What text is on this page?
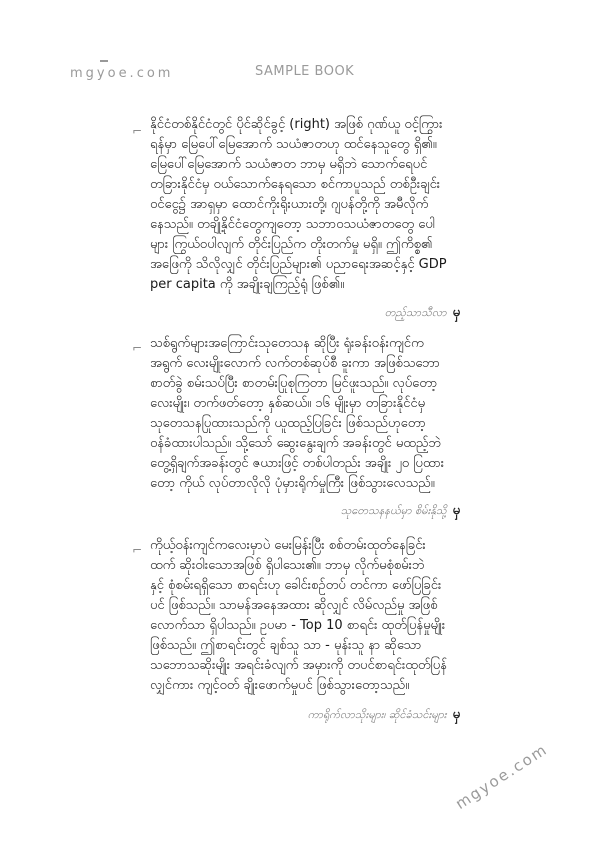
mgyoe.com	SAMPLE BOOK
⌐ နိုင်ငံတစ်နိုင်ငံတွင် ပိုင်ဆိုင်ခွင့် (right) အဖြစ် ဂုဏ်ယူ ဝင့်ကြွား
ရန်မှာ မြေပေါ်မြေအောက် သယံဇာတဟု ထင်နေသူတွေ ရှိ၏။
မြေပေါ်မြေအောက် သယံဇာတ ဘာမှ မရှိဘဲ သောက်ရေပင်
တခြားနိုင်ငံမှ ဝယ်သောက်နေရသော စင်ကာပူသည် တစ်ဦးချင်း
ဝင်ငွေ၌ အာရှမှာ ထောင်ကိုးရိုးယားတို့၊ ဂျပန်တို့ကို အမီလိုက်
နေသည်။ တချို့နိုင်ငံတွေကျတော့ သဘာဝသယံဇာတတွေ ပေါ
များ ကြွယ်ဝပါလျက် တိုင်းပြည်က တိုးတက်မှု မရှိ။ ဤကိစ္စ၏
အဖြေကို သိလိုလျှင် တိုင်းပြည်များ၏ ပညာရေးအဆင့်နှင့် GDP
per capita ကို အချိုးချကြည့်ရုံ ဖြစ်၏။
တည့်သာသီလာ မှ
⌐ သစ်ရွက်များအကြောင်းသုတေသန ဆိုပြီး ရုံးခန်းဝန်းကျင်က
အရွက် လေးမျိုးလောက် လက်တစ်ဆုပ်စီ ခူးကာ အဖြစ်သဘော
စာတ်ခွဲ စမ်းသပ်ပြီး စာတမ်းပြုစုကြတာ မြင်ဖူးသည်။ လုပ်တော့
လေးမျိုး၊ တက်ဖတ်တော့ နှစ်ဆယ်။ ၁၆ မျိုးမှာ တခြားနိုင်ငံမှ
သုတေသနပြုထားသည်ကို ယူထည့်ပြခြင်း ဖြစ်သည်ဟုတော့
ဝန်ခံထားပါသည်။ သို့သော် ဆွေးနွေးချက် အခန်းတွင် မထည့်ဘဲ
တွေ့ရှိချက်အခန်းတွင် ဇယားဖြင့် တစ်ပါတည်း အချိုး ၂၀ ပြထား
တော့ ကိုယ် လုပ်တာလိုလို ပုံမှားရိုက်မှုကြီး ဖြစ်သွားလေသည်။
သုတေသနနယ်မှာ စိမ်းနိုသို့ မှ
⌐ ကိုယ့်ဝန်းကျင်ကလေးမှာပဲ မေးမြန်းပြီး စစ်တမ်းထုတ်နေခြင်း
ထက် ဆိုးဝါးသောအဖြစ် ရှိပါသေး၏။ ဘာမှ လိုက်မစုံစမ်းဘဲ
နှင့် စုံစမ်းရရှိသော စာရင်းဟု ခေါင်းစဉ်တပ် တင်ကာ ဖော်ပြခြင်း
ပင် ဖြစ်သည်။ သာမန်အနေအထား ဆိုလျှင် လိမ်လည်မှု အဖြစ်
လောက်သာ ရှိပါသည်။ ဥပမာ - Top 10 စာရင်း ထုတ်ပြန်မှုမျိုး
ဖြစ်သည်။ ဤစာရင်းတွင် ချစ်သူ သာ - မုန်းသူ နာ ဆိုသော
သဘောသဆိုးမျိုး အရင်းခံလျက် အမှားကို တပင်စာရင်းထုတ်ပြန်
လျှင်ကား ကျင့်ဝတ် ချိုးဖောက်မှုပင် ဖြစ်သွားတော့သည်။
ကာရိုက်လာသိုးများ၊ ဆိုင်ခံသင်းများ မှ
mgyoe.com
